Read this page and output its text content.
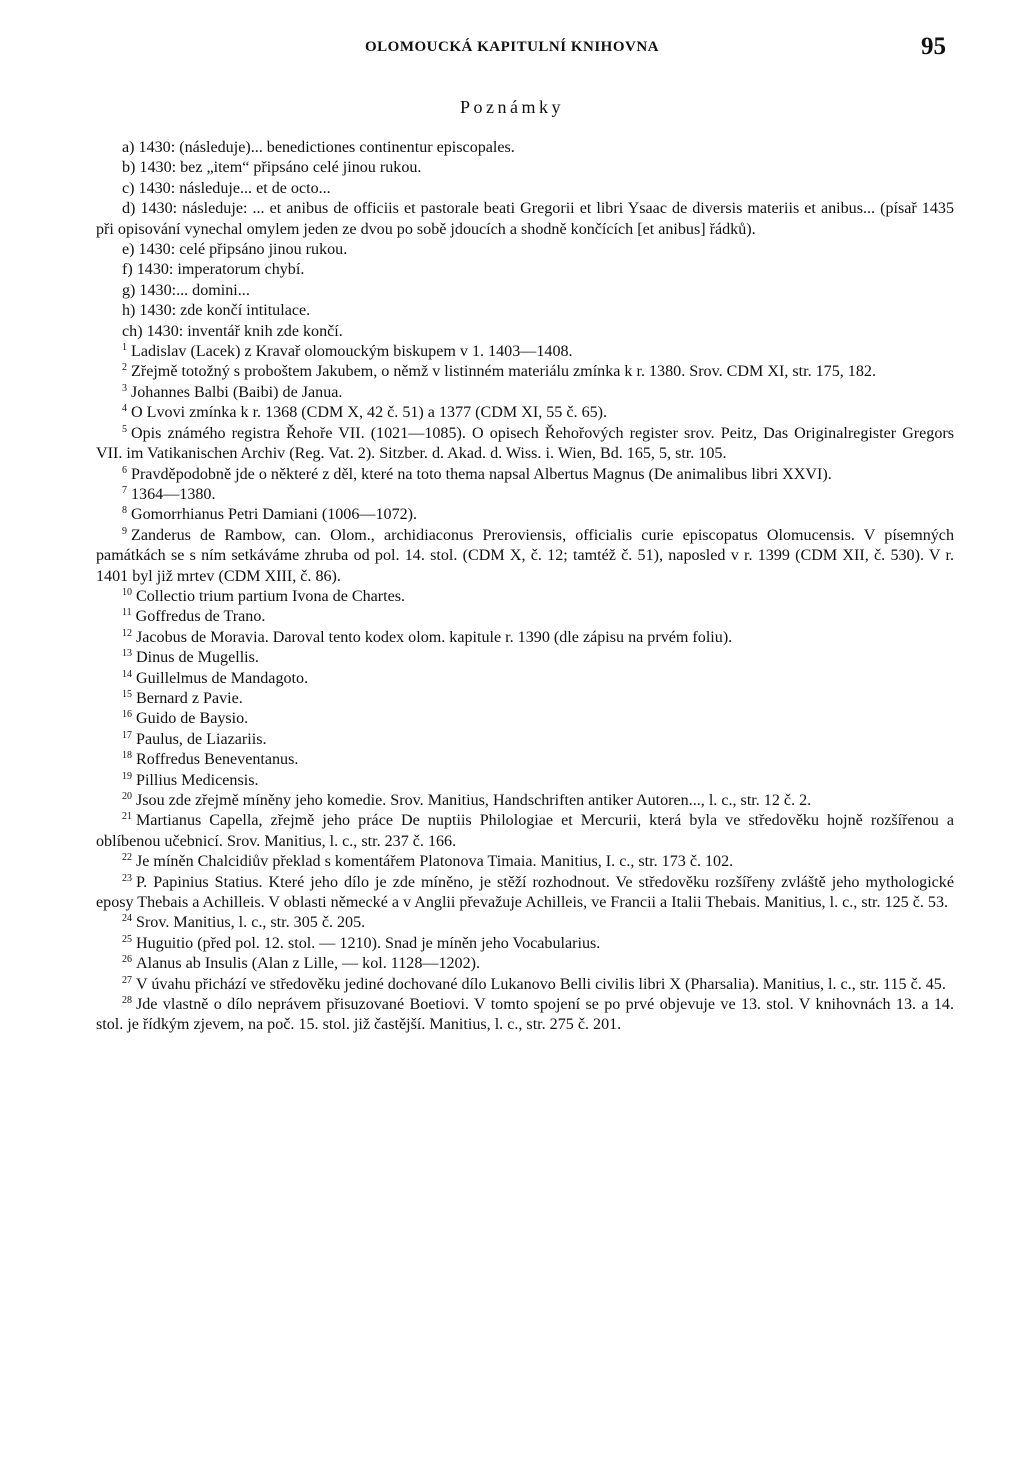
OLOMOUCKÁ KAPITULNÍ KNIHOVNA	95
Poznámky

a) 1430: (následuje)... benedictiones continentur episcopales.

b) 1430: bez „item“ připsáno celé jinou rukou.

c) 1430: následuje... et de octo...

d) 1430: následuje: ... et anibus de officiis et pastorale beati Gregorii et libri Ysaac de diversis materiis et anibus... (písař 1435 při opisování vynechal omylem jeden ze dvou po sobě jdoucích a shodně končících [et anibus] řádků).

e) 1430: celé připsáno jinou rukou.

f) 1430: imperatorum chybí.

g) 1430:... domini...

h) 1430: zde končí intitulace.

ch) 1430: inventář knih zde končí.

$^1$ Ladislav (Lacek) z Kravař olomouckým biskupem v 1. 1403—1408.

$^2$ Zřejmě totožný s proboštem Jakubem, o němž v listinném materiálu zmínka k r. 1380. Srov. CDM XI, str. 175, 182.

$^3$ Johannes Balbi (Baibi) de Janua.

$^4$ O Lvovi zmínka k r. 1368 (CDM X, 42 č. 51) a 1377 (CDM XI, 55 č. 65).

$^5$ Opis známého registra Řehoře VII. (1021—1085). O opisech Řehořových register srov. Peitz, Das Originalregister Gregors VII. im Vatikanischen Archiv (Reg. Vat. 2). Sitzber. d. Akad. d. Wiss. i. Wien, Bd. 165, 5, str. 105.

$^6$ Pravděpodobně jde o některé z děl, které na toto thema napsal Albertus Magnus (De animalibus libri XXVI).

$^7$ 1364—1380.

$^8$ Gomorrhianus Petri Damiani (1006—1072).

$^9$ Zanderus de Rambow, can. Olom., archidiaconus Preroviensis, officialis curie episcopatus Olomucensis. V písemných památkách se s ním setkáváme zhruba od pol. 14. stol. (CDM X, č. 12; tamtéž č. 51), naposled v r. 1399 (CDM XII, č. 530). V r. 1401 byl již mrtev (CDM XIII, č. 86).

$^{10}$ Collectio trium partium Ivona de Chartes.

$^{11}$ Goffredus de Trano.

$^{12}$ Jacobus de Moravia. Daroval tento kodex olom. kapitule r. 1390 (dle zápisu na prvém foliu).

$^{13}$ Dinus de Mugellis.

$^{14}$ Guillelmus de Mandagoto.

$^{15}$ Bernard z Pavie.

$^{16}$ Guido de Baysio.

$^{17}$ Paulus, de Liazariis.

$^{18}$ Roffredus Beneventanus.

$^{19}$ Pillius Medicensis.

$^{20}$ Jsou zde zřejmě míněny jeho komedie. Srov. Manitius, Handschriften antiker Autoren..., l. c., str. 12 č. 2.

$^{21}$ Martianus Capella, zřejmě jeho práce De nuptiis Philologiae et Mercurii, která byla ve středověku hojně rozšířenou a oblíbenou učebnicí. Srov. Manitius, l. c., str. 237 č. 166.

$^{22}$ Je míněn Chalcidiův překlad s komentářem Platonova Timaia. Manitius, I. c., str. 173 č. 102.

$^{23}$ P. Papinius Statius. Které jeho dílo je zde míněno, je stěží rozhodnout. Ve středověku rozšířeny zvláště jeho mythologické eposy Thebais a Achilleis. V oblasti německé a v Anglii převažuje Achilleis, ve Francii a Italii Thebais. Manitius, l. c., str. 125 č. 53.

$^{24}$ Srov. Manitius, l. c., str. 305 č. 205.

$^{25}$ Huguitio (před pol. 12. stol. — 1210). Snad je míněn jeho Vocabularius.

$^{26}$ Alanus ab Insulis (Alan z Lille, — kol. 1128—1202).

$^{27}$ V úvahu přichází ve středověku jediné dochované dílo Lukanovo Belli civilis libri X (Pharsalia). Manitius, l. c., str. 115 č. 45.

$^{28}$ Jde vlastně o dílo neprávem přisuzované Boetiovi. V tomto spojení se po prvé objevuje ve 13. stol. V knihovnách 13. a 14. stol. je řídkým zjevem, na poč. 15. stol. již častější. Manitius, l. c., str. 275 č. 201.
